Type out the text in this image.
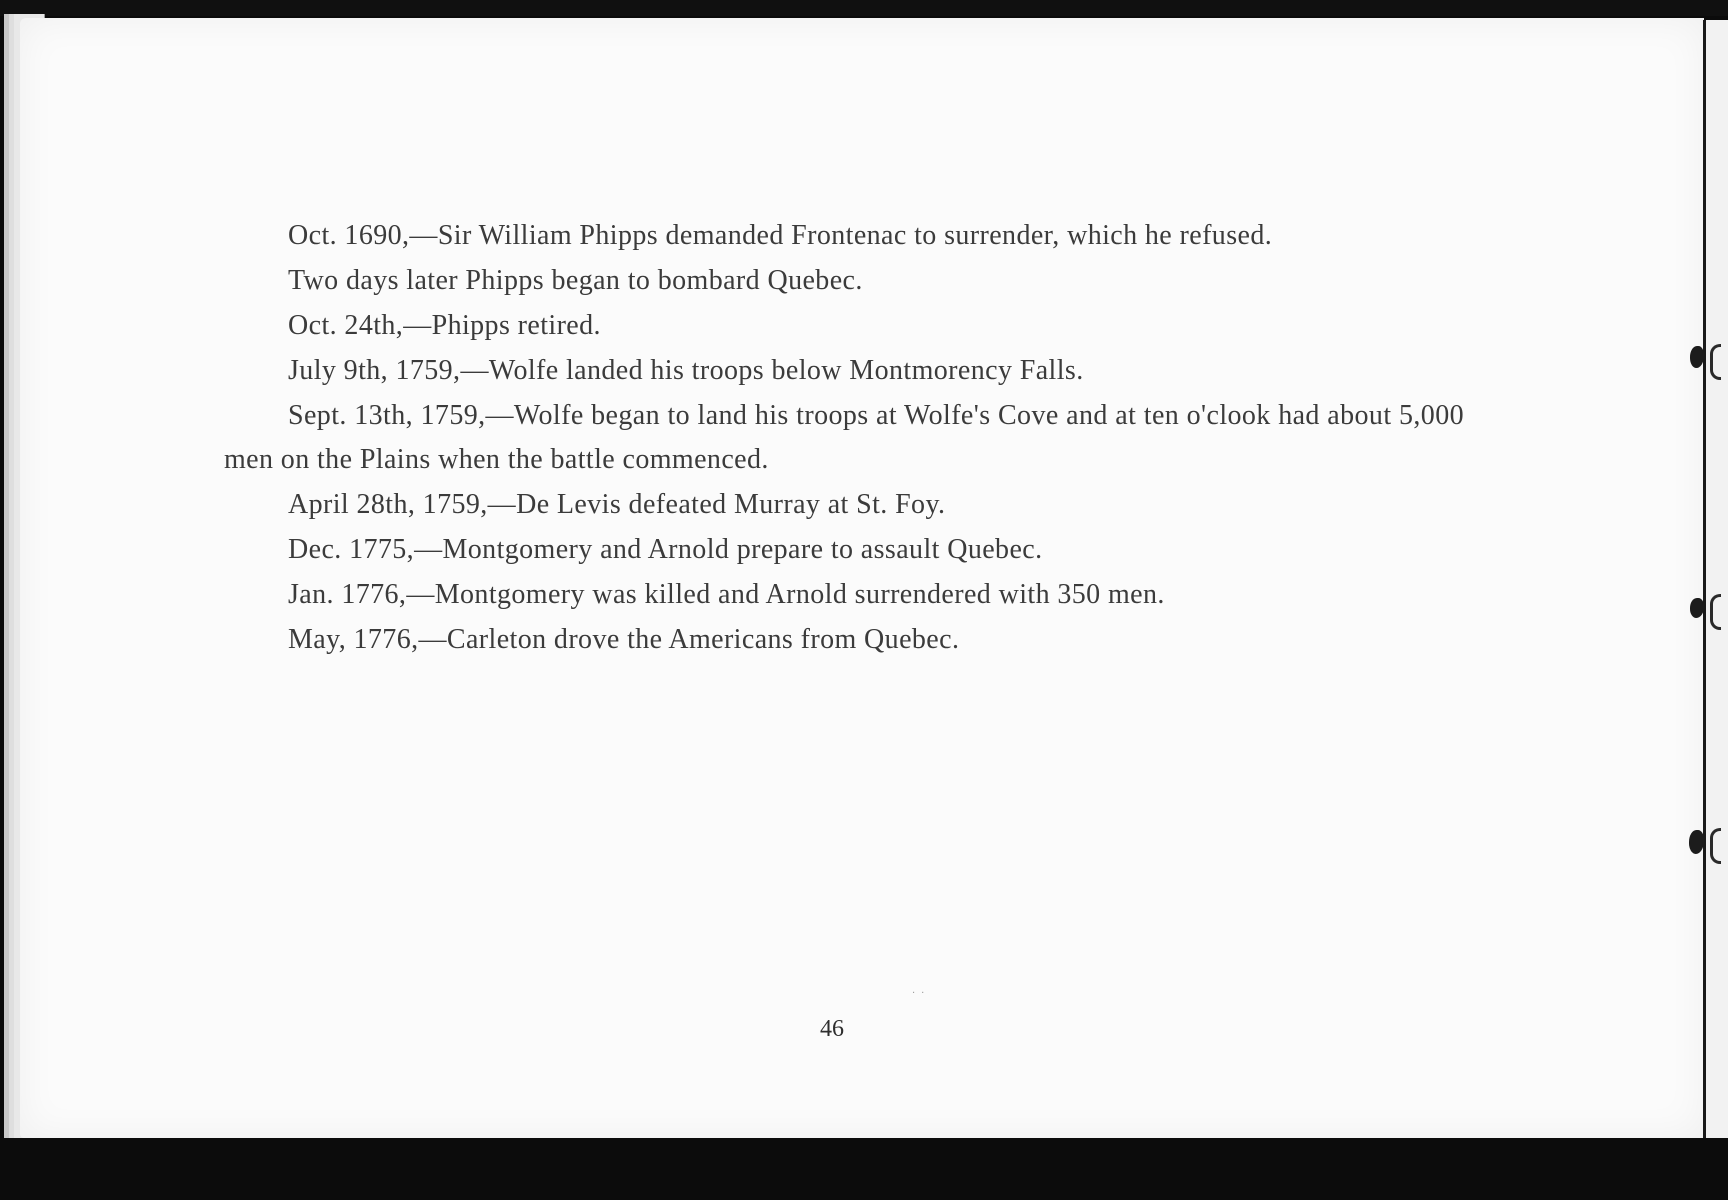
Oct. 1690,—Sir William Phipps demanded Frontenac to surrender, which he refused.

Two days later Phipps began to bombard Quebec.

Oct. 24th,—Phipps retired.

July 9th, 1759,—Wolfe landed his troops below Montmorency Falls.

Sept. 13th, 1759,—Wolfe began to land his troops at Wolfe's Cove and at ten o'clook had about 5,000 men on the Plains when the battle commenced.

April 28th, 1759,—De Levis defeated Murray at St. Foy.

Dec. 1775,—Montgomery and Arnold prepare to assault Quebec.

Jan. 1776,—Montgomery was killed and Arnold surrendered with 350 men.

May, 1776,—Carleton drove the Americans from Quebec.

··
46
